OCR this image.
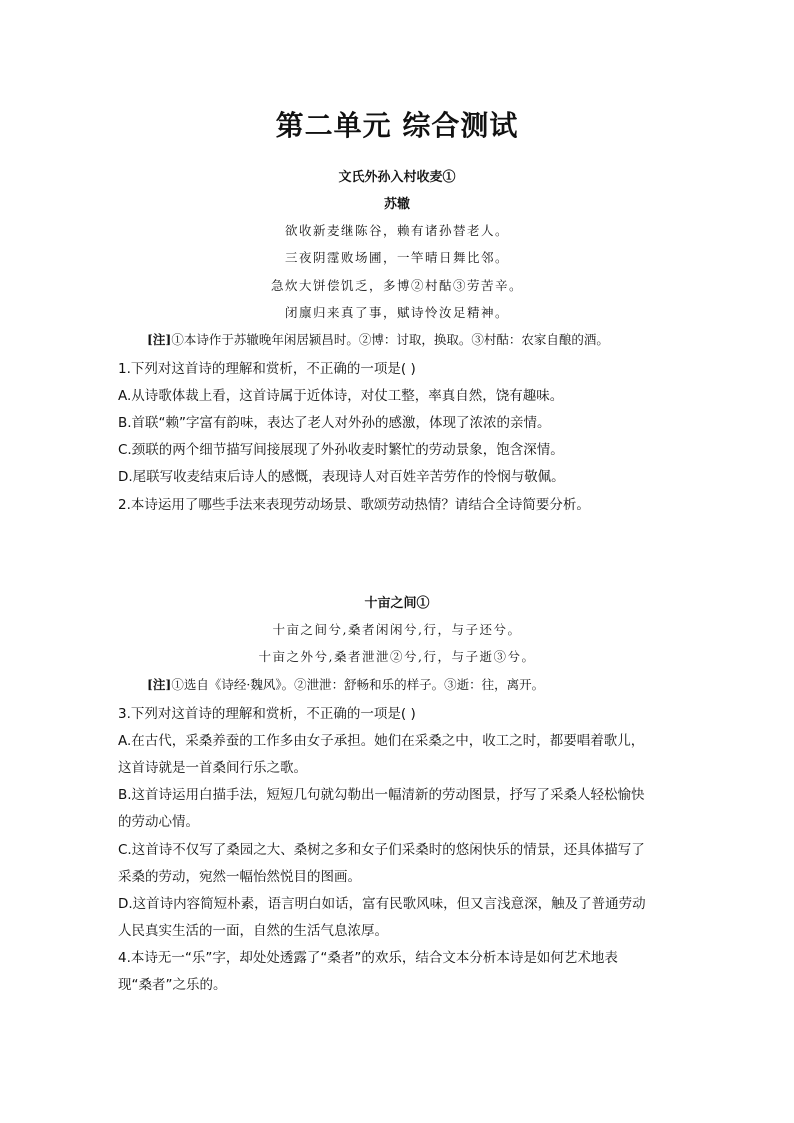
第二单元 综合测试
文氏外孙入村收麦①
苏辙
欲收新麦继陈谷，赖有诸孙替老人。
三夜阴霪败场圃，一竿晴日舞比邻。
急炊大饼偿饥乏，多博②村酤③劳苦辛。
闭廪归来真了事，赋诗怜汝足精神。
[注]①本诗作于苏辙晚年闲居颍昌时。②博：讨取，换取。③村酤：农家自酿的酒。
1.下列对这首诗的理解和赏析，不正确的一项是( )
A.从诗歌体裁上看，这首诗属于近体诗，对仗工整，率真自然，饶有趣味。
B.首联“赖”字富有韵味，表达了老人对外孙的感激，体现了浓浓的亲情。
C.颈联的两个细节描写间接展现了外孙收麦时繁忙的劳动景象，饱含深情。
D.尾联写收麦结束后诗人的感慨，表现诗人对百姓辛苦劳作的怜悯与敬佩。
2.本诗运用了哪些手法来表现劳动场景、歌颂劳动热情？请结合全诗简要分析。
十亩之间①
十亩之间兮,桑者闲闲兮,行，与子还兮。
十亩之外兮,桑者泄泄②兮,行，与子逝③兮。
[注]①选自《诗经·魏风》。②泄泄：舒畅和乐的样子。③逝：往，离开。
3.下列对这首诗的理解和赏析，不正确的一项是( )
A.在古代，采桑养蚕的工作多由女子承担。她们在采桑之中，收工之时，都要唱着歌儿，
这首诗就是一首桑间行乐之歌。
B.这首诗运用白描手法，短短几句就勾勒出一幅清新的劳动图景，抒写了采桑人轻松愉快
的劳动心情。
C.这首诗不仅写了桑园之大、桑树之多和女子们采桑时的悠闲快乐的情景，还具体描写了
采桑的劳动，宛然一幅怡然悦目的图画。
D.这首诗内容简短朴素，语言明白如话，富有民歌风味，但又言浅意深，触及了普通劳动
人民真实生活的一面，自然的生活气息浓厚。
4.本诗无一“乐”字，却处处透露了“桑者”的欢乐，结合文本分析本诗是如何艺术地表
现“桑者”之乐的。
